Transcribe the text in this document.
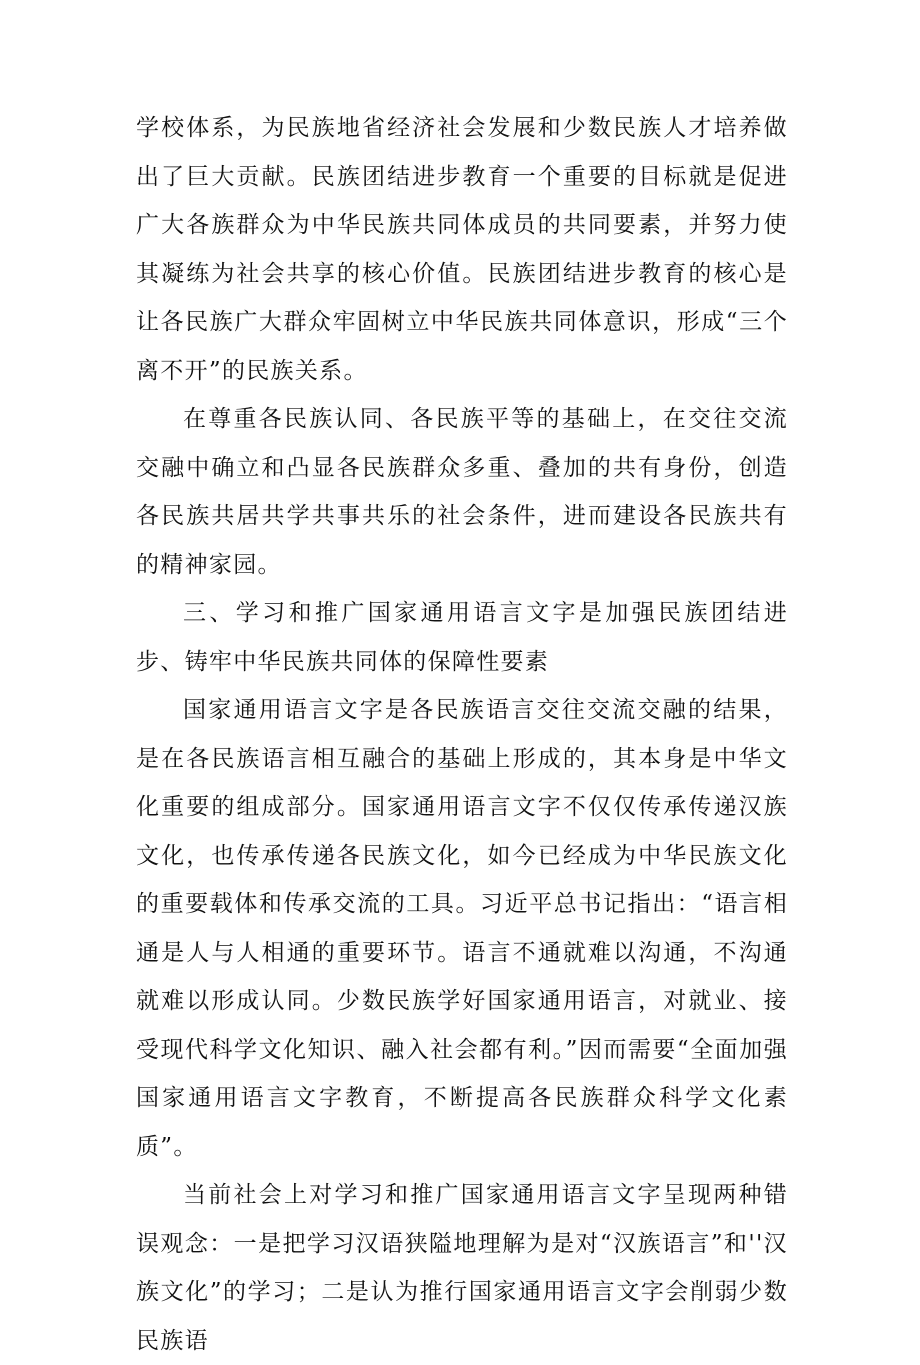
学校体系，为民族地省经济社会发展和少数民族人才培养做出了巨大贡献。民族团结进步教育一个重要的目标就是促进广大各族群众为中华民族共同体成员的共同要素，并努力使其凝练为社会共享的核心价值。民族团结进步教育的核心是让各民族广大群众牢固树立中华民族共同体意识，形成“三个离不开”的民族关系。

在尊重各民族认同、各民族平等的基础上，在交往交流交融中确立和凸显各民族群众多重、叠加的共有身份，创造各民族共居共学共事共乐的社会条件，进而建设各民族共有的精神家园。

三、学习和推广国家通用语言文字是加强民族团结进步、铸牢中华民族共同体的保障性要素

国家通用语言文字是各民族语言交往交流交融的结果，是在各民族语言相互融合的基础上形成的，其本身是中华文化重要的组成部分。国家通用语言文字不仅仅传承传递汉族文化，也传承传递各民族文化，如今已经成为中华民族文化的重要载体和传承交流的工具。习近平总书记指出：“语言相通是人与人相通的重要环节。语言不通就难以沟通，不沟通就难以形成认同。少数民族学好国家通用语言，对就业、接受现代科学文化知识、融入社会都有利。”因而需要“全面加强国家通用语言文字教育，不断提高各民族群众科学文化素质”。

当前社会上对学习和推广国家通用语言文字呈现两种错误观念：一是把学习汉语狭隘地理解为是对“汉族语言”和''汉族文化”的学习；二是认为推行国家通用语言文字会削弱少数民族语
